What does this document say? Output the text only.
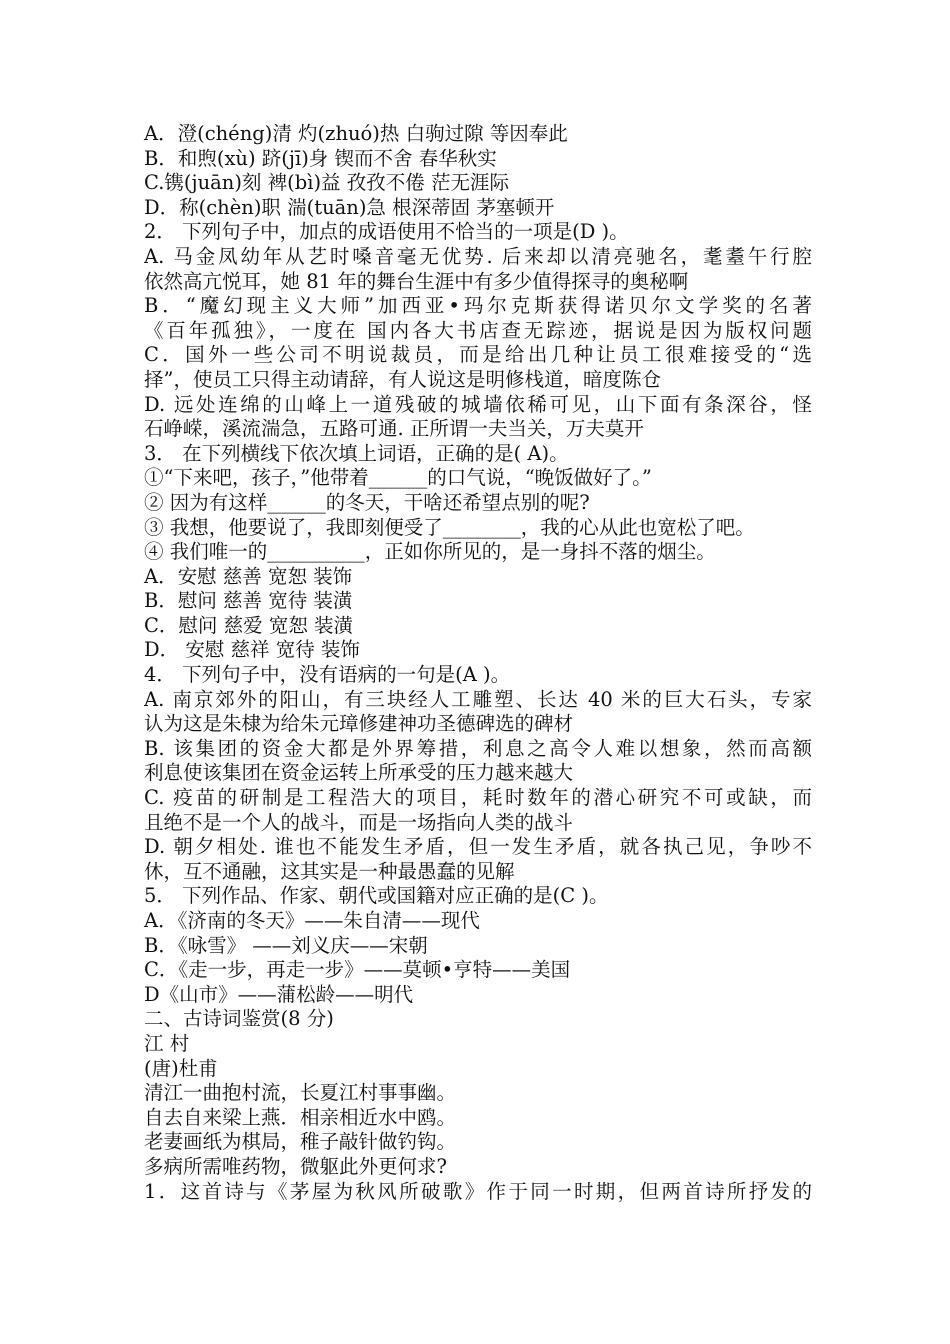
A．澄(chéng)清 灼(zhuó)热 白驹过隙 等因奉此
B．和煦(xù) 跻(jī)身 锲而不舍 春华秋实
C.镌(juān)刻 裨(bì)益 孜孜不倦 茫无涯际
D．称(chèn)职 湍(tuān)急 根深蒂固 茅塞顿开
2． 下列句子中，加点的成语使用不恰当的一项是(D )。
A. 马金凤幼年从艺时嗓音毫无优势. 后来却以清亮驰名，耄耋午行腔
依然高亢悦耳，她 81 年的舞台生涯中有多少值得探寻的奥秘啊
B．“魔幻现主义大师”加西亚•玛尔克斯获得诺贝尔文学奖的名著
《百年孤独》，一度在 国内各大书店查无踪迹，据说是因为版权问题
C．国外一些公司不明说裁员，而是给出几种让员工很难接受的“选
择”，使员工只得主动请辞，有人说这是明修栈道，暗度陈仓
D. 远处连绵的山峰上一道残破的城墙依稀可见，山下面有条深谷，怪
石峥嵘，溪流湍急，五路可通. 正所谓一夫当关，万夫莫开
3． 在下列横线下依次填上词语，正确的是( A)。
①“下来吧，孩子，”他带着______的口气说，“晚饭做好了。”
② 因为有这样______的冬天，干啥还希望点别的呢?
③ 我想，他要说了，我即刻便受了________，我的心从此也宽松了吧。
④ 我们唯一的__________，正如你所见的，是一身抖不落的烟尘。
A．安慰 慈善 宽恕 装饰
B．慰问 慈善 宽待 装潢
C．慰问 慈爱 宽恕 装潢
D． 安慰 慈祥 宽待 装饰
4． 下列句子中，没有语病的一句是(A )。
A. 南京郊外的阳山，有三块经人工雕塑、长达 40 米的巨大石头，专家
认为这是朱棣为给朱元璋修建神功圣德碑选的碑材
B. 该集团的资金大都是外界筹措，利息之高令人难以想象，然而高额
利息使该集团在资金运转上所承受的压力越来越大
C. 疫苗的研制是工程浩大的项目，耗时数年的潜心研究不可或缺，而
且绝不是一个人的战斗，而是一场指向人类的战斗
D. 朝夕相处. 谁也不能发生矛盾，但一发生矛盾，就各执己见，争吵不
休，互不通融，这其实是一种最愚蠢的见解
5． 下列作品、作家、朝代或国籍对应正确的是(C )。
A．《济南的冬天》——朱自清——现代
B．《咏雪》 ——刘义庆——宋朝
C．《走一步，再走一步》——莫顿•亨特——美国
D《山市》——蒲松龄——明代
二、古诗词鉴赏(8 分)
江 村
(唐)杜甫
清江一曲抱村流，长夏江村事事幽。
自去自来梁上燕．相亲相近水中鸥。
老妻画纸为棋局，稚子敲针做钓钩。
多病所需唯药物，微躯此外更何求?
1．这首诗与《茅屋为秋风所破歌》作于同一时期，但两首诗所抒发的
